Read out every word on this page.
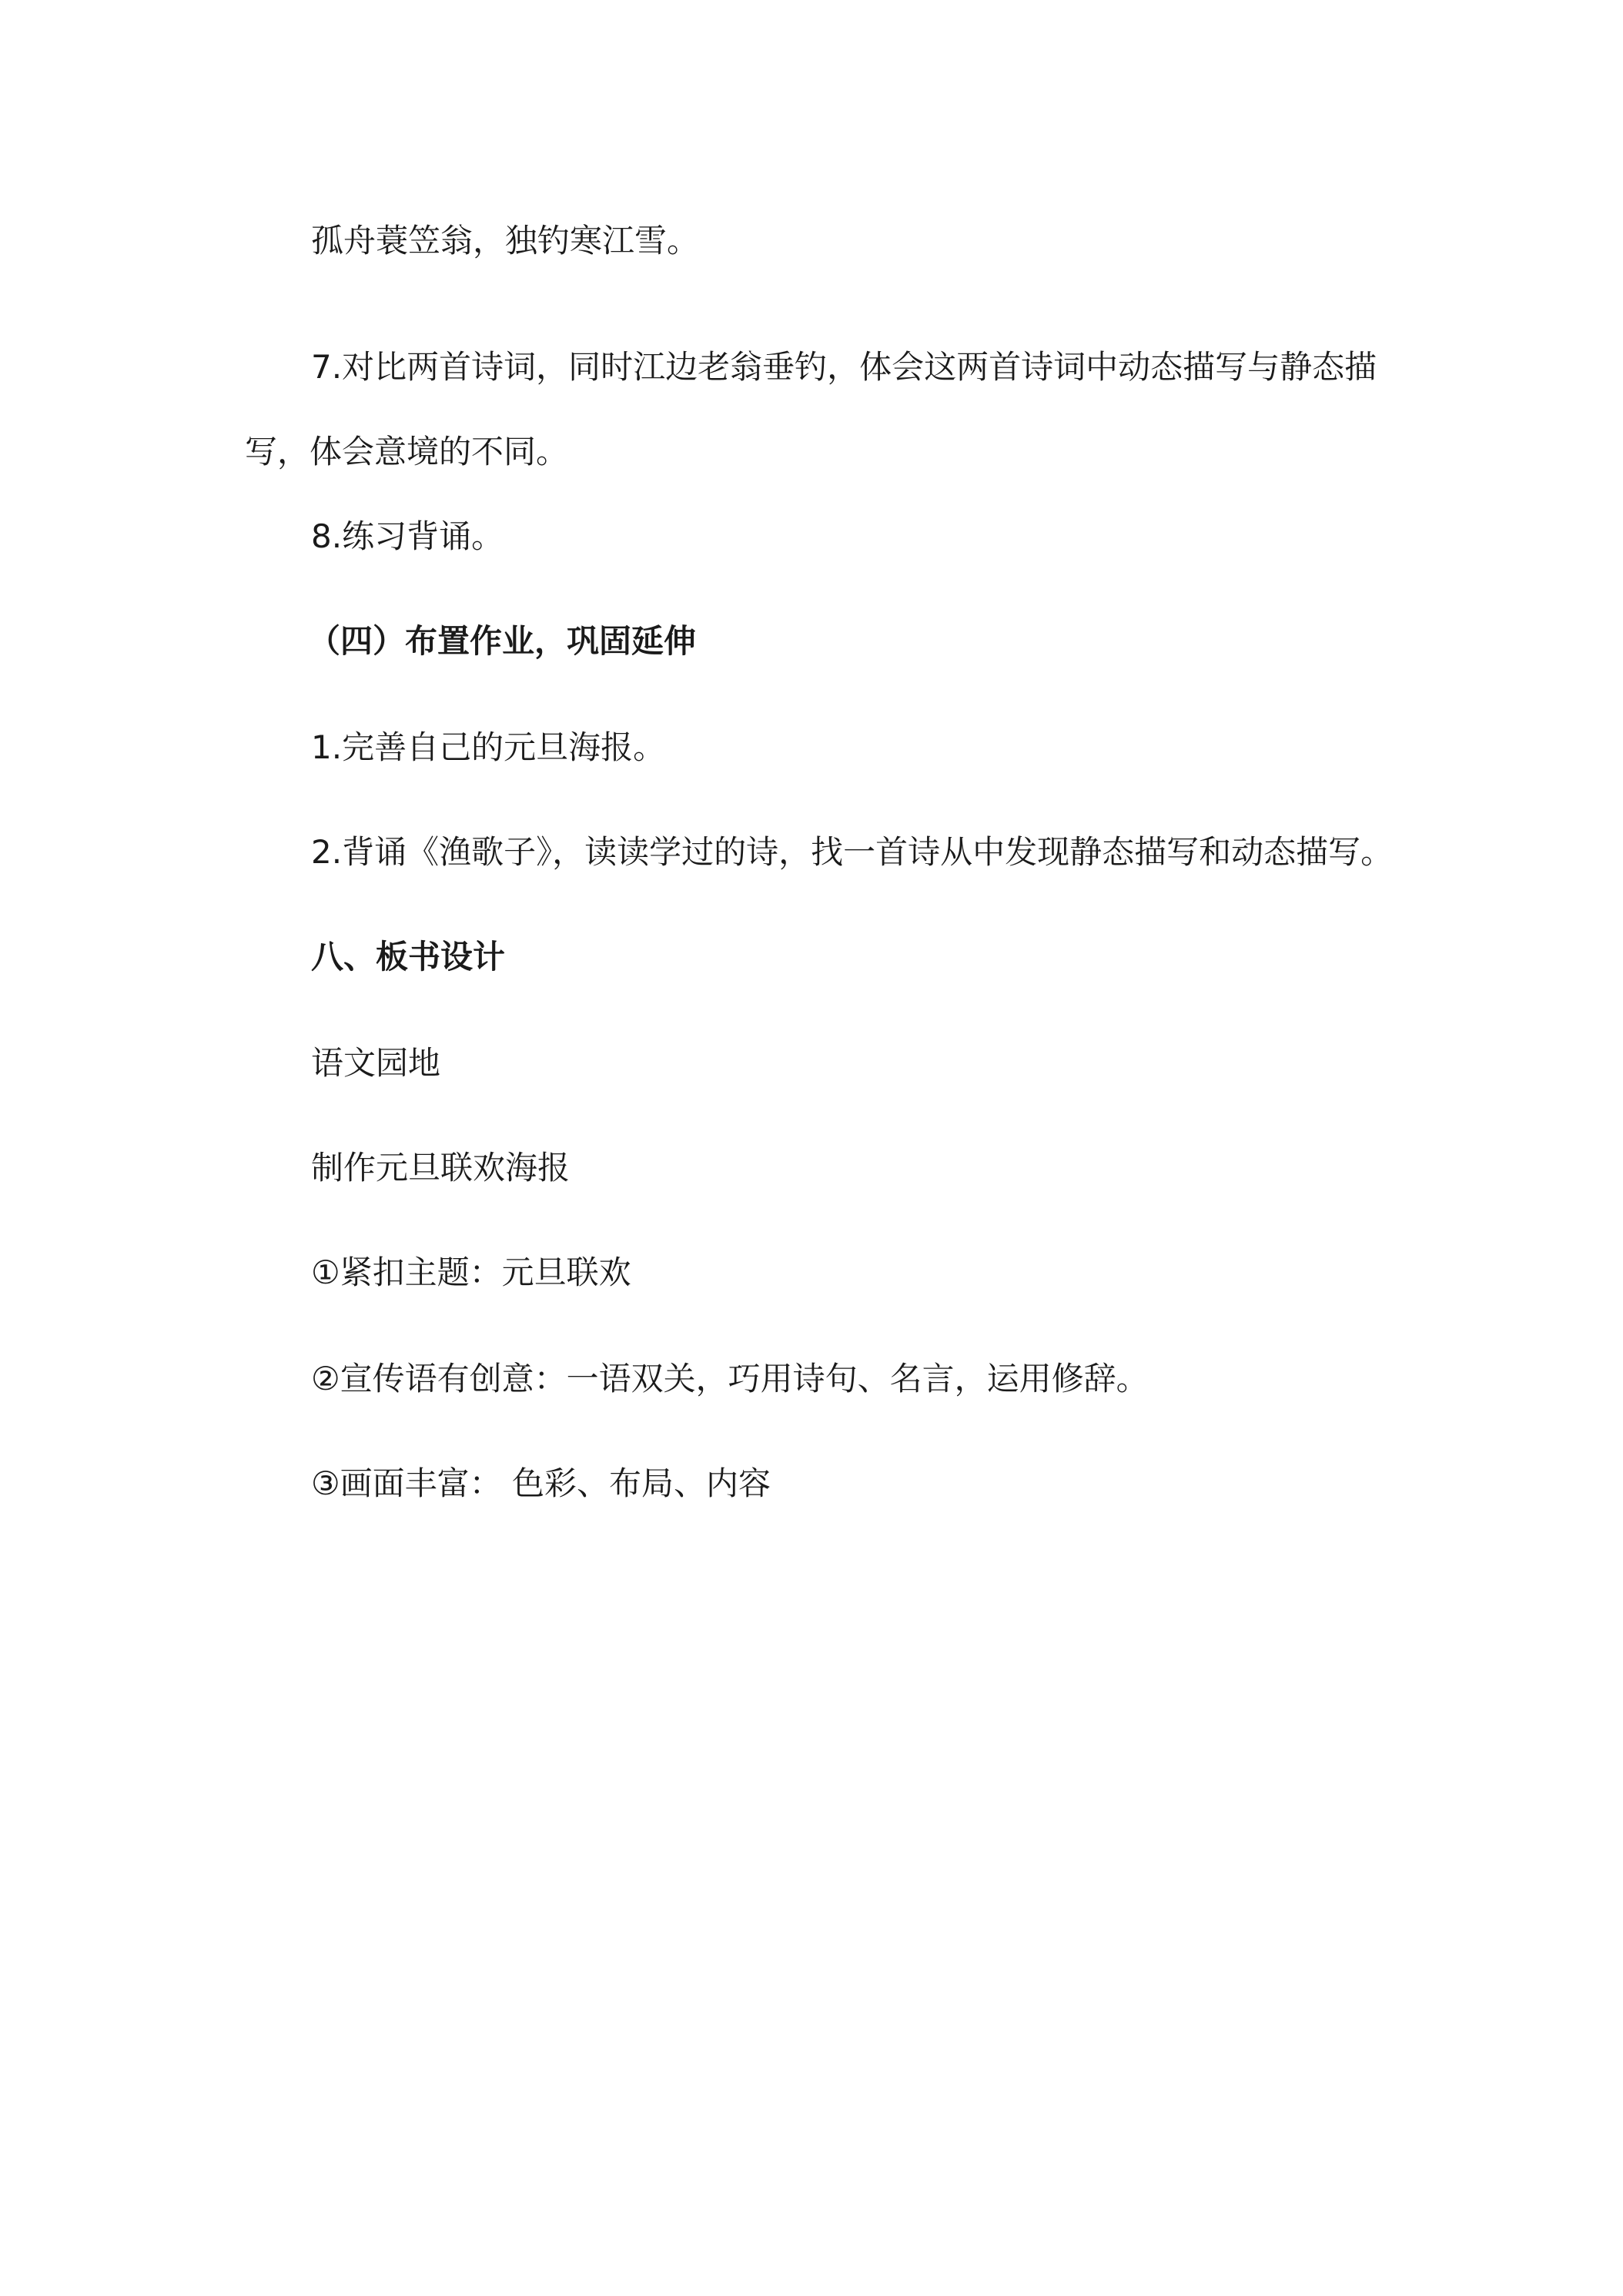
孤舟蓑笠翁，独钓寒江雪。
7.对比两首诗词，同时江边老翁垂钓，体会这两首诗词中动态描写与静态描写，体会意境的不同。
8.练习背诵。
（四）布置作业，巩固延伸
1.完善自己的元旦海报。
2.背诵《渔歌子》，读读学过的诗，找一首诗从中发现静态描写和动态描写。
八、板书设计
语文园地
制作元旦联欢海报
①紧扣主题：元旦联欢
②宣传语有创意：一语双关，巧用诗句、名言，运用修辞。
③画面丰富： 色彩、布局、内容
